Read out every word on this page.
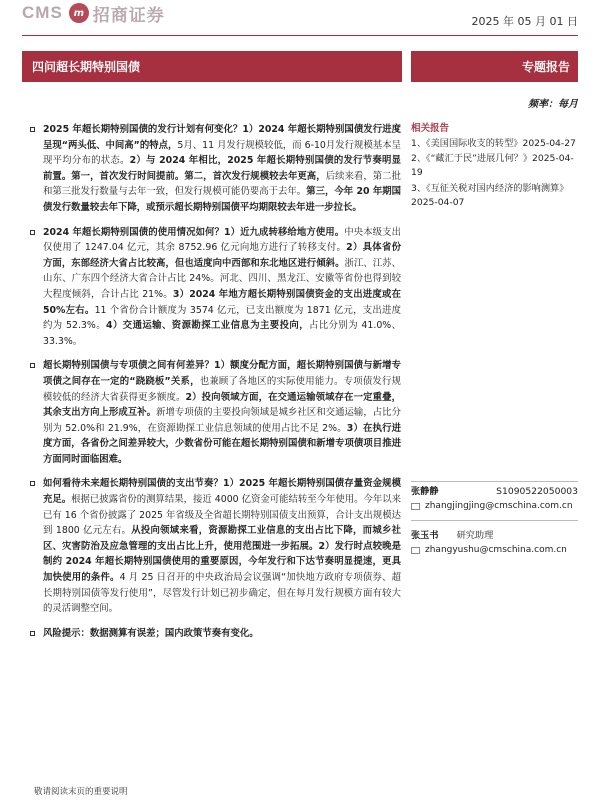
CMS	m 招商证券	2025 年 05 月 01 日
四问超长期特别国债	专题报告
频率：每月
2025 年超长期特别国债的发行计划有何变化？1）2024 年超长期特别国债发行进度呈现“两头低、中间高”的特点，5月、11 月发行规模较低，而 6-10月发行规模基本呈现平均分布的状态。2）与 2024 年相比，2025 年超长期特别国债的发行节奏明显前置。第一，首次发行时间提前。第二，首次发行规模较去年更高，后续来看，第二批和第三批发行数量与去年一致，但发行规模可能仍要高于去年。第三，今年 20 年期国债发行数量较去年下降，或预示超长期特别国债平均期限较去年进一步拉长。
2024 年超长期特别国债的使用情况如何？1）近九成转移给地方使用。中央本级支出仅使用了 1247.04 亿元，其余 8752.96 亿元向地方进行了转移支付。2）具体省份方面，东部经济大省占比较高，但也适度向中西部和东北地区进行倾斜。浙江、江苏、山东、广东四个经济大省合计占比 24%。河北、四川、黑龙江、安徽等省份也得到较大程度倾斜，合计占比 21%。3）2024 年地方超长期特别国债资金的支出进度或在 50%左右。11 个省份合计额度为 3574 亿元，已支出额度为 1871 亿元，支出进度约为 52.3%。4）交通运输、资源勘探工业信息为主要投向，占比分别为 41.0%、33.3%。
超长期特别国债与专项债之间有何差异？1）额度分配方面，超长期特别国债与新增专项债之间存在一定的“跷跷板”关系，也兼顾了各地区的实际使用能力。专项债发行规模较低的经济大省获得更多额度。2）投向领域方面，在交通运输领域存在一定重叠，其余支出方向上形成互补。新增专项债的主要投向领域是城乡社区和交通运输，占比分别为 52.0%和 21.9%，在资源勘探工业信息领域的使用占比不足 2%。3）在执行进度方面，各省份之间差异较大，少数省份可能在超长期特别国债和新增专项债项目推进方面同时面临困难。
如何看待未来超长期特别国债的支出节奏？1）2025 年超长期特别国债存量资金规模充足。根据已披露省份的测算结果，接近 4000 亿资金可能结转至今年使用。今年以来已有 16 个省份披露了 2025 年省级及全省超长期特别国债支出预算，合计支出规模达到 1800 亿元左右。从投向领域来看，资源勘探工业信息的支出占比下降，而城乡社区、灾害防治及应急管理的支出占比上升，使用范围进一步拓展。2）发行时点较晚是制约 2024 年超长期特别国债使用的重要原因，今年发行和下达节奏明显提速，更具加快使用的条件。4 月 25 日召开的中央政治局会议强调“加快地方政府专项债券、超长期特别国债等发行使用”，尽管发行计划已初步确定，但在每月发行规模方面有较大的灵活调整空间。
风险提示：数据测算有误差；国内政策节奏有变化。
相关报告
1、《美国国际收支的转型》2025-04-27
2、《“藏汇于民”进展几何？》2025-04-19
3、《互征关税对国内经济的影响测算》2025-04-07
张静静	S1090522050003
zhangjingjing@cmschina.com.cn
张玉书 研究助理
zhangyushu@cmschina.com.cn
敬请阅读末页的重要说明
